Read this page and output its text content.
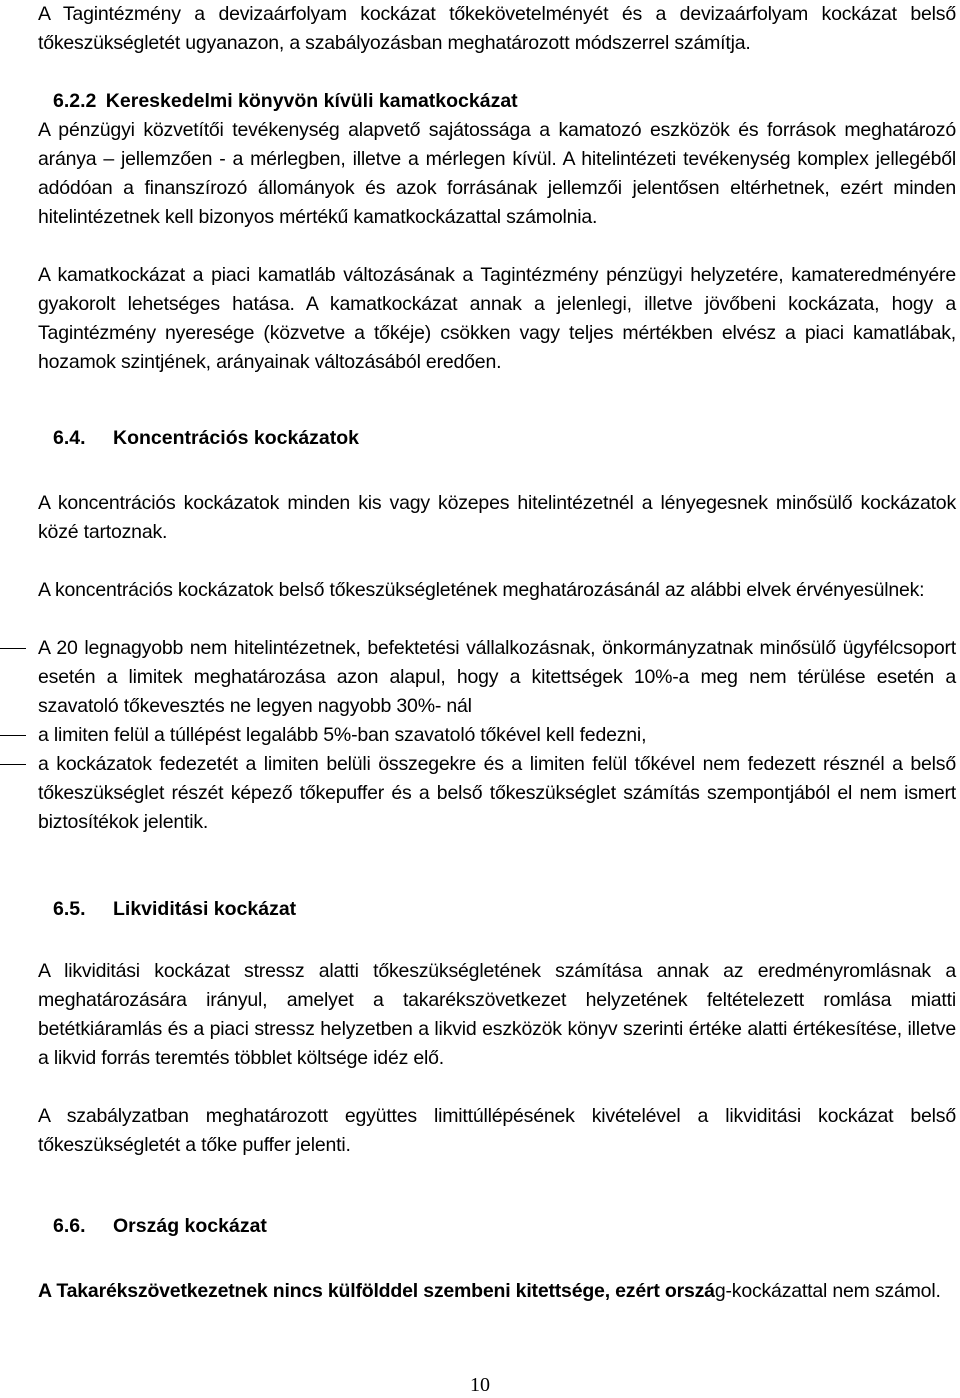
A Tagintézmény a devizaárfolyam kockázat tőkekövetelményét és a devizaárfolyam kockázat belső tőkeszükségletét ugyanazon, a szabályozásban meghatározott módszerrel számítja.

6.2.2 Kereskedelmi könyvön kívüli kamatkockázat

A pénzügyi közvetítői tevékenység alapvető sajátossága a kamatozó eszközök és források meghatározó aránya – jellemzően - a mérlegben, illetve a mérlegen kívül. A hitelintézeti tevékenység komplex jellegéből adódóan a finanszírozó állományok és azok forrásának jellemzői jelentősen eltérhetnek, ezért minden hitelintézetnek kell bizonyos mértékű kamatkockázattal számolnia.

A kamatkockázat a piaci kamatláb változásának a Tagintézmény pénzügyi helyzetére, kamateredményére gyakorolt lehetséges hatása. A kamatkockázat annak a jelenlegi, illetve jövőbeni kockázata, hogy a Tagintézmény nyeresége (közvetve a tőkéje) csökken vagy teljes mértékben elvész a piaci kamatlábak, hozamok szintjének, arányainak változásából eredően.

6.4. Koncentrációs kockázatok

A koncentrációs kockázatok minden kis vagy közepes hitelintézetnél a lényegesnek minősülő kockázatok közé tartoznak.

A koncentrációs kockázatok belső tőkeszükségletének meghatározásánál az alábbi elvek érvényesülnek:

A 20 legnagyobb nem hitelintézetnek, befektetési vállalkozásnak, önkormányzatnak minősülő ügyfélcsoport esetén a limitek meghatározása azon alapul, hogy a kitettségek 10%-a meg nem térülése esetén a szavatoló tőkevesztés ne legyen nagyobb 30%- nál
a limiten felül a túllépést legalább 5%-ban szavatoló tőkével kell fedezni,
a kockázatok fedezetét a limiten belüli összegekre és a limiten felül tőkével nem fedezett résznél a belső tőkeszükséglet részét képező tőkepuffer és a belső tőkeszükséglet számítás szempontjából el nem ismert biztosítékok jelentik.
6.5. Likviditási kockázat

A likviditási kockázat stressz alatti tőkeszükségletének számítása annak az eredményromlásnak a meghatározására irányul, amelyet a takarékszövetkezet helyzetének feltételezett romlása miatti betétkiáramlás és a piaci stressz helyzetben a likvid eszközök könyv szerinti értéke alatti értékesítése, illetve a likvid forrás teremtés többlet költsége idéz elő.

A szabályzatban meghatározott együttes limittúllépésének kivételével a likviditási kockázat belső tőkeszükségletét a tőke puffer jelenti.

6.6. Ország kockázat

A Takarékszövetkezetnek nincs külfölddel szembeni kitettsége, ezért ország-kockázattal nem számol.

10
